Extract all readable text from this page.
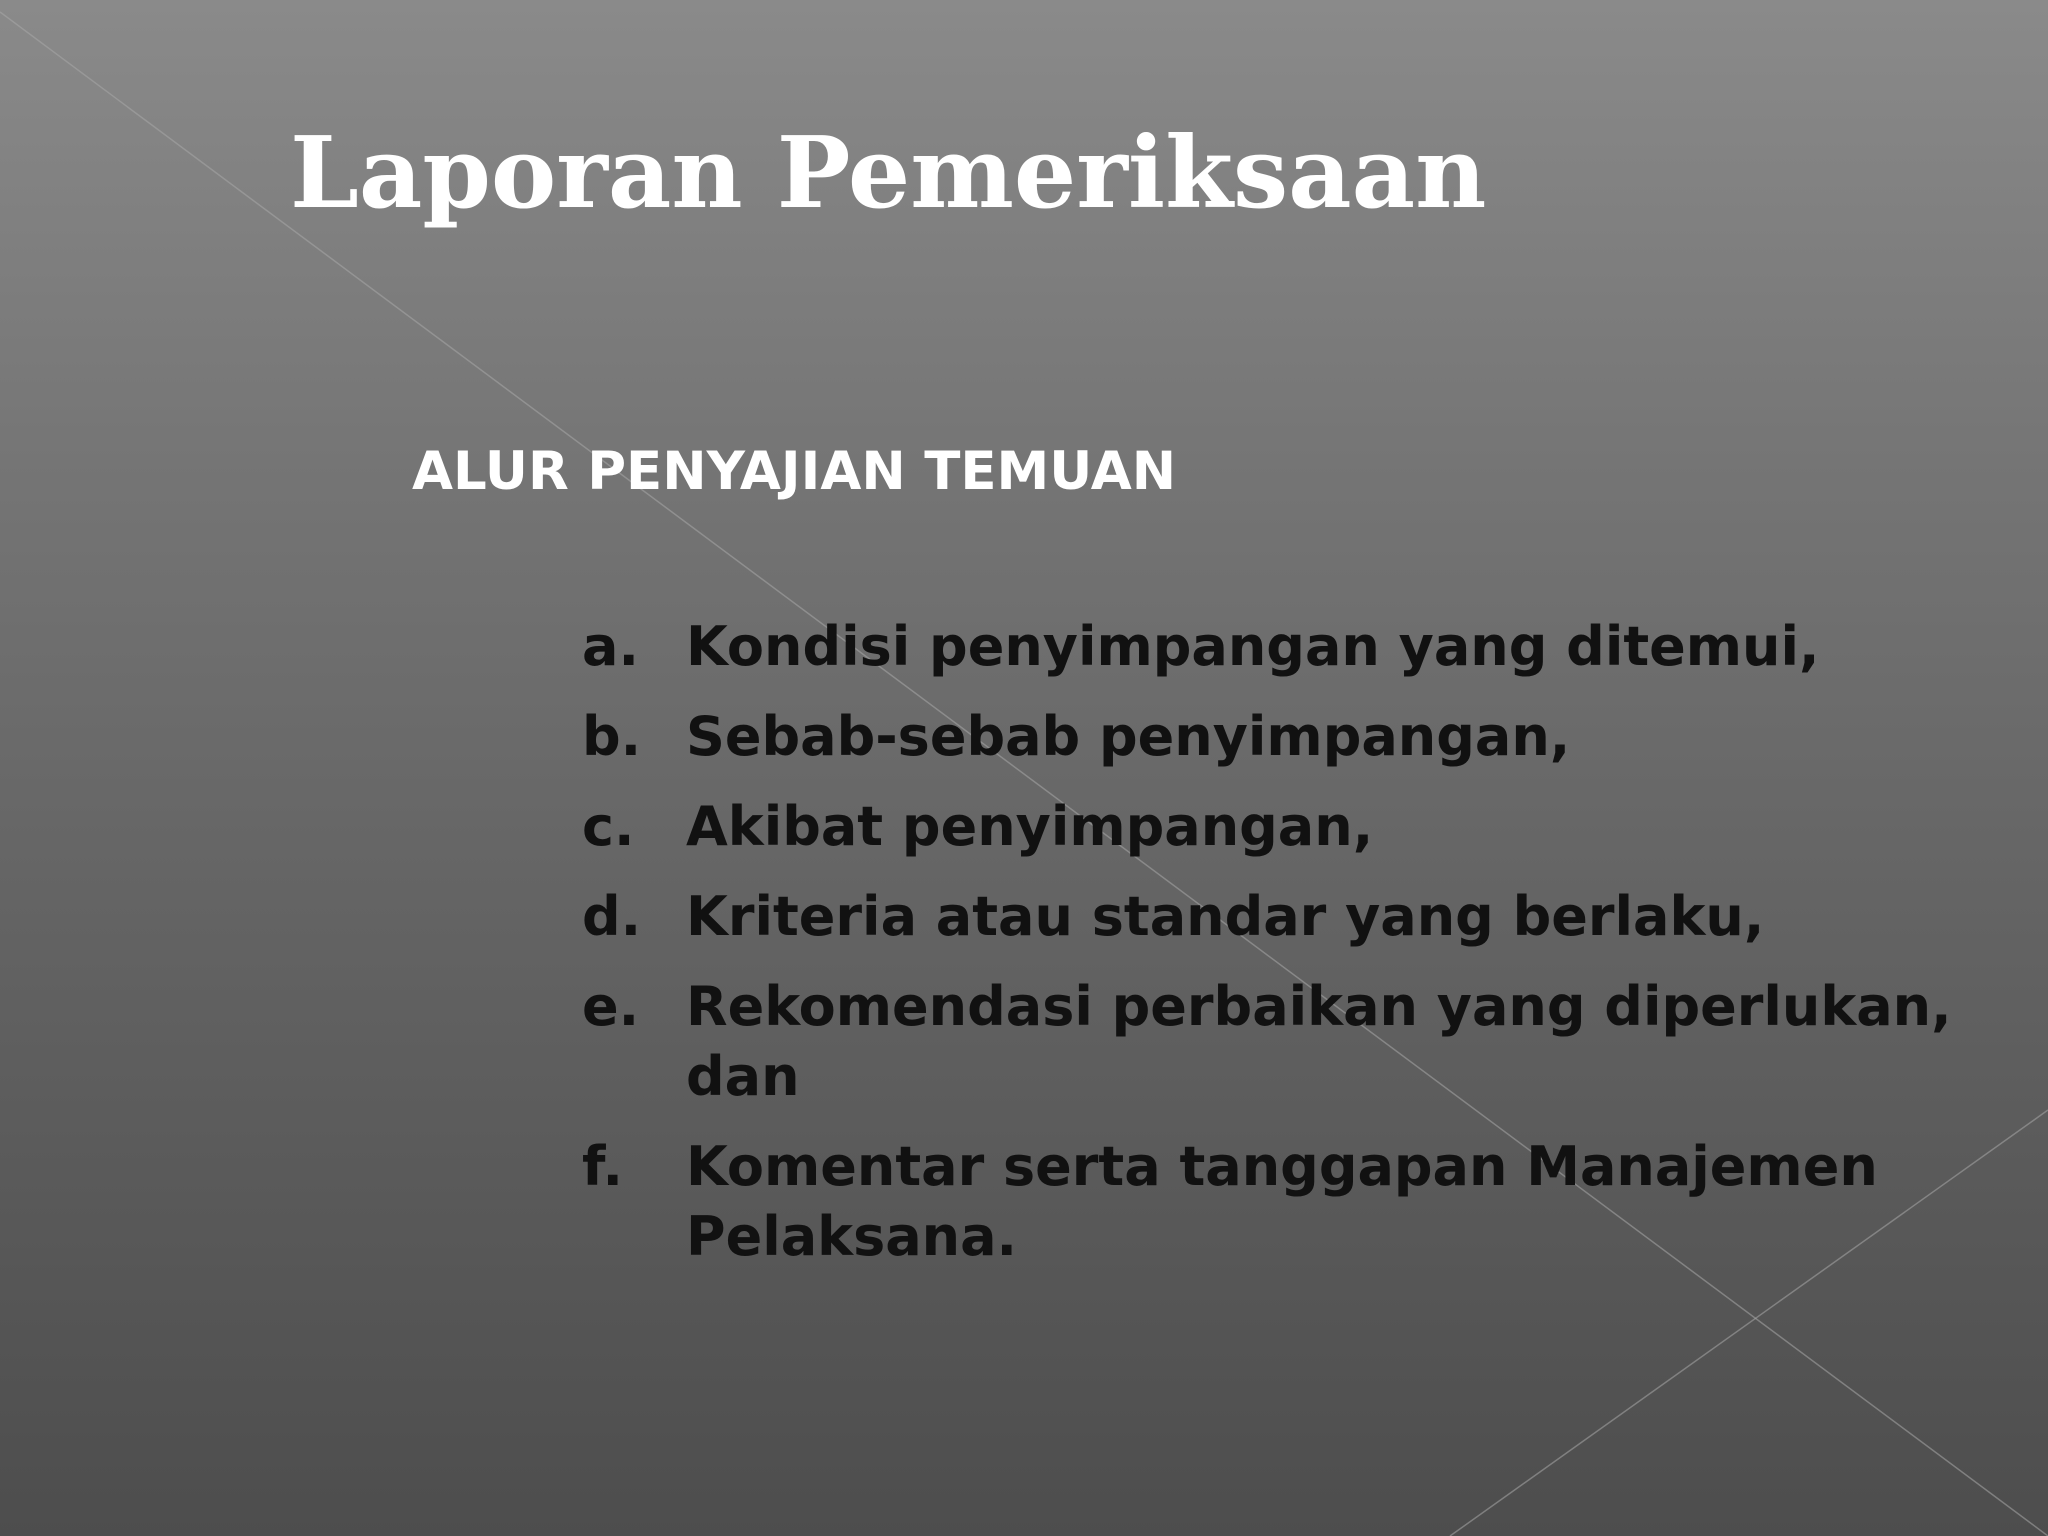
Laporan Pemeriksaan
ALUR PENYAJIAN TEMUAN
a. Kondisi penyimpangan yang ditemui,
b. Sebab-sebab penyimpangan,
c. Akibat penyimpangan,
d. Kriteria atau standar yang berlaku,
e. Rekomendasi perbaikan yang diperlukan, dan
f.	Komentar serta tanggapan Manajemen Pelaksana.
